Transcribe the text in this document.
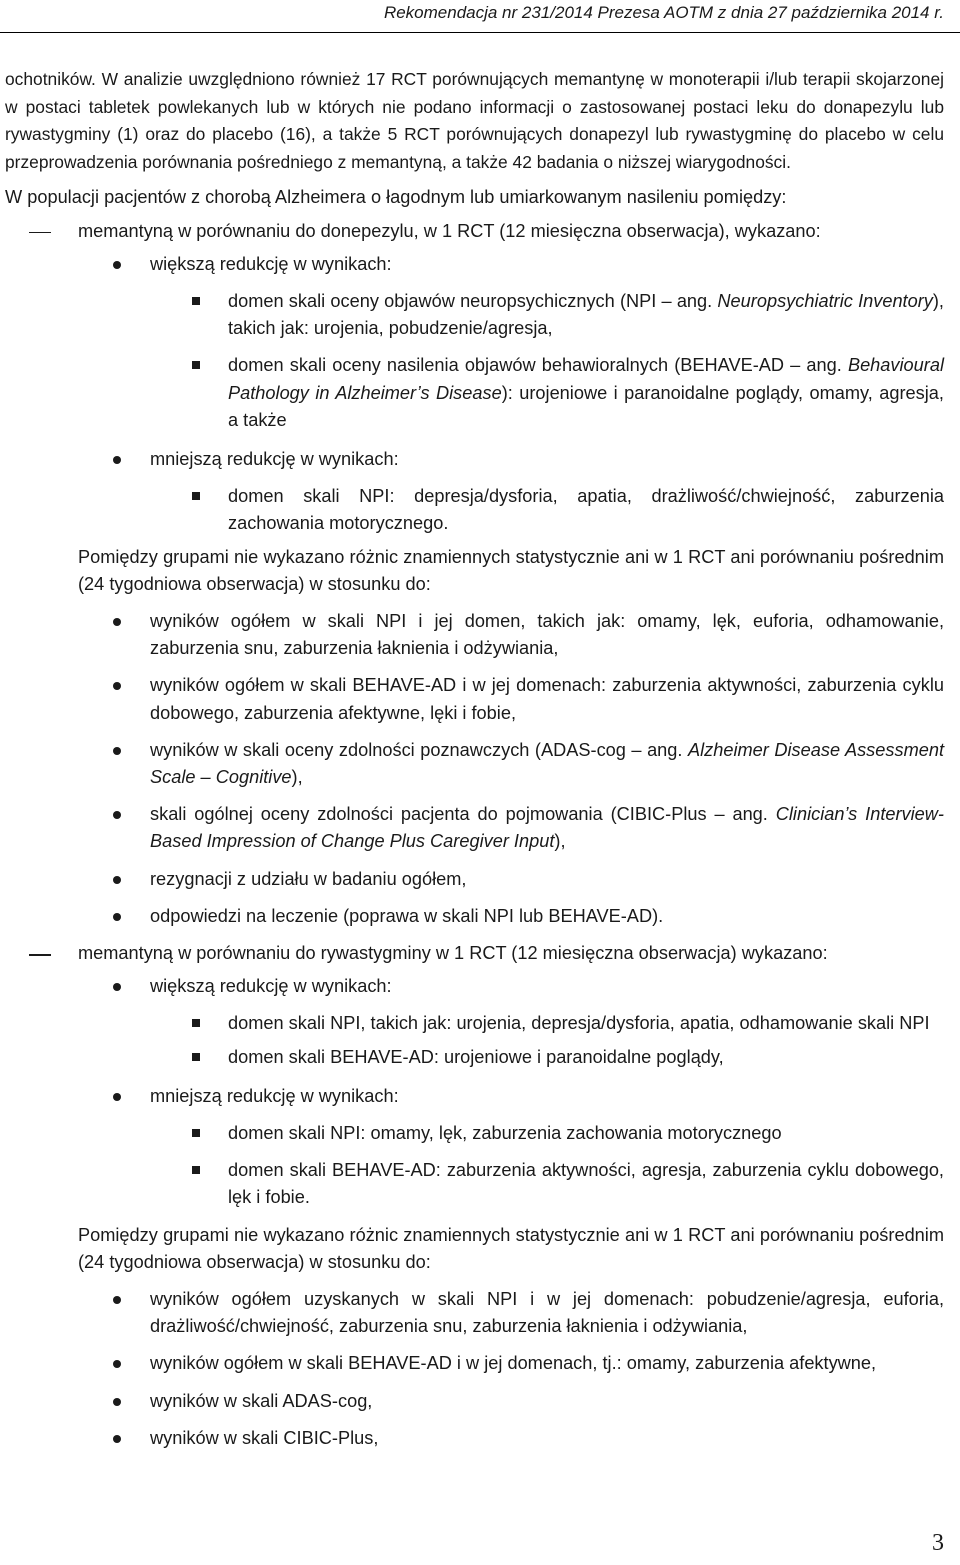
Rekomendacja nr 231/2014 Prezesa AOTM z dnia 27 października 2014 r.

ochotników. W analizie uwzględniono również 17 RCT porównujących memantynę w monoterapii i/lub terapii skojarzonej w postaci tabletek powlekanych lub w których nie podano informacji o zastosowanej postaci leku do donapezylu lub rywastygminy (1) oraz do placebo (16), a także 5 RCT porównujących donapezyl lub rywastygminę do placebo w celu przeprowadzenia porównania pośredniego z memantyną, a także 42 badania o niższej wiarygodności.

W populacji pacjentów z chorobą Alzheimera o łagodnym lub umiarkowanym nasileniu pomiędzy:

memantyną w porównaniu do donepezylu, w 1 RCT (12 miesięczna obserwacja), wykazano:

większą redukcję w wynikach:

domen skali oceny objawów neuropsychicznych (NPI – ang. Neuropsychiatric Inventory), takich jak: urojenia, pobudzenie/agresja,

domen skali oceny nasilenia objawów behawioralnych (BEHAVE-AD – ang. Behavioural Pathology in Alzheimer’s Disease): urojeniowe i paranoidalne poglądy, omamy, agresja, a także

mniejszą redukcję w wynikach:

domen skali NPI: depresja/dysforia, apatia, drażliwość/chwiejność, zaburzenia zachowania motorycznego.

Pomiędzy grupami nie wykazano różnic znamiennych statystycznie ani w 1 RCT ani porównaniu pośrednim (24 tygodniowa obserwacja) w stosunku do:

wyników ogółem w skali NPI i jej domen, takich jak: omamy, lęk, euforia, odhamowanie, zaburzenia snu, zaburzenia łaknienia i odżywiania,

wyników ogółem w skali BEHAVE-AD i w jej domenach: zaburzenia aktywności, zaburzenia cyklu dobowego, zaburzenia afektywne, lęki i fobie,

wyników w skali oceny zdolności poznawczych (ADAS-cog – ang. Alzheimer Disease Assessment Scale – Cognitive),

skali ogólnej oceny zdolności pacjenta do pojmowania (CIBIC-Plus – ang. Clinician’s Interview-Based Impression of Change Plus Caregiver Input),

rezygnacji z udziału w badaniu ogółem,

odpowiedzi na leczenie (poprawa w skali NPI lub BEHAVE-AD).

memantyną w porównaniu do rywastygminy w 1 RCT (12 miesięczna obserwacja) wykazano:

większą redukcję w wynikach:

domen skali NPI, takich jak: urojenia, depresja/dysforia, apatia, odhamowanie skali NPI

domen skali BEHAVE-AD: urojeniowe i paranoidalne poglądy,

mniejszą redukcję w wynikach:

domen skali NPI: omamy, lęk, zaburzenia zachowania motorycznego

domen skali BEHAVE-AD: zaburzenia aktywności, agresja, zaburzenia cyklu dobowego, lęk i fobie.

Pomiędzy grupami nie wykazano różnic znamiennych statystycznie ani w 1 RCT ani porównaniu pośrednim (24 tygodniowa obserwacja) w stosunku do:

wyników ogółem uzyskanych w skali NPI i w jej domenach: pobudzenie/agresja, euforia, drażliwość/chwiejność, zaburzenia snu, zaburzenia łaknienia i odżywiania,

wyników ogółem w skali BEHAVE-AD i w jej domenach, tj.: omamy, zaburzenia afektywne,

wyników w skali ADAS-cog,

wyników w skali CIBIC-Plus,

3
